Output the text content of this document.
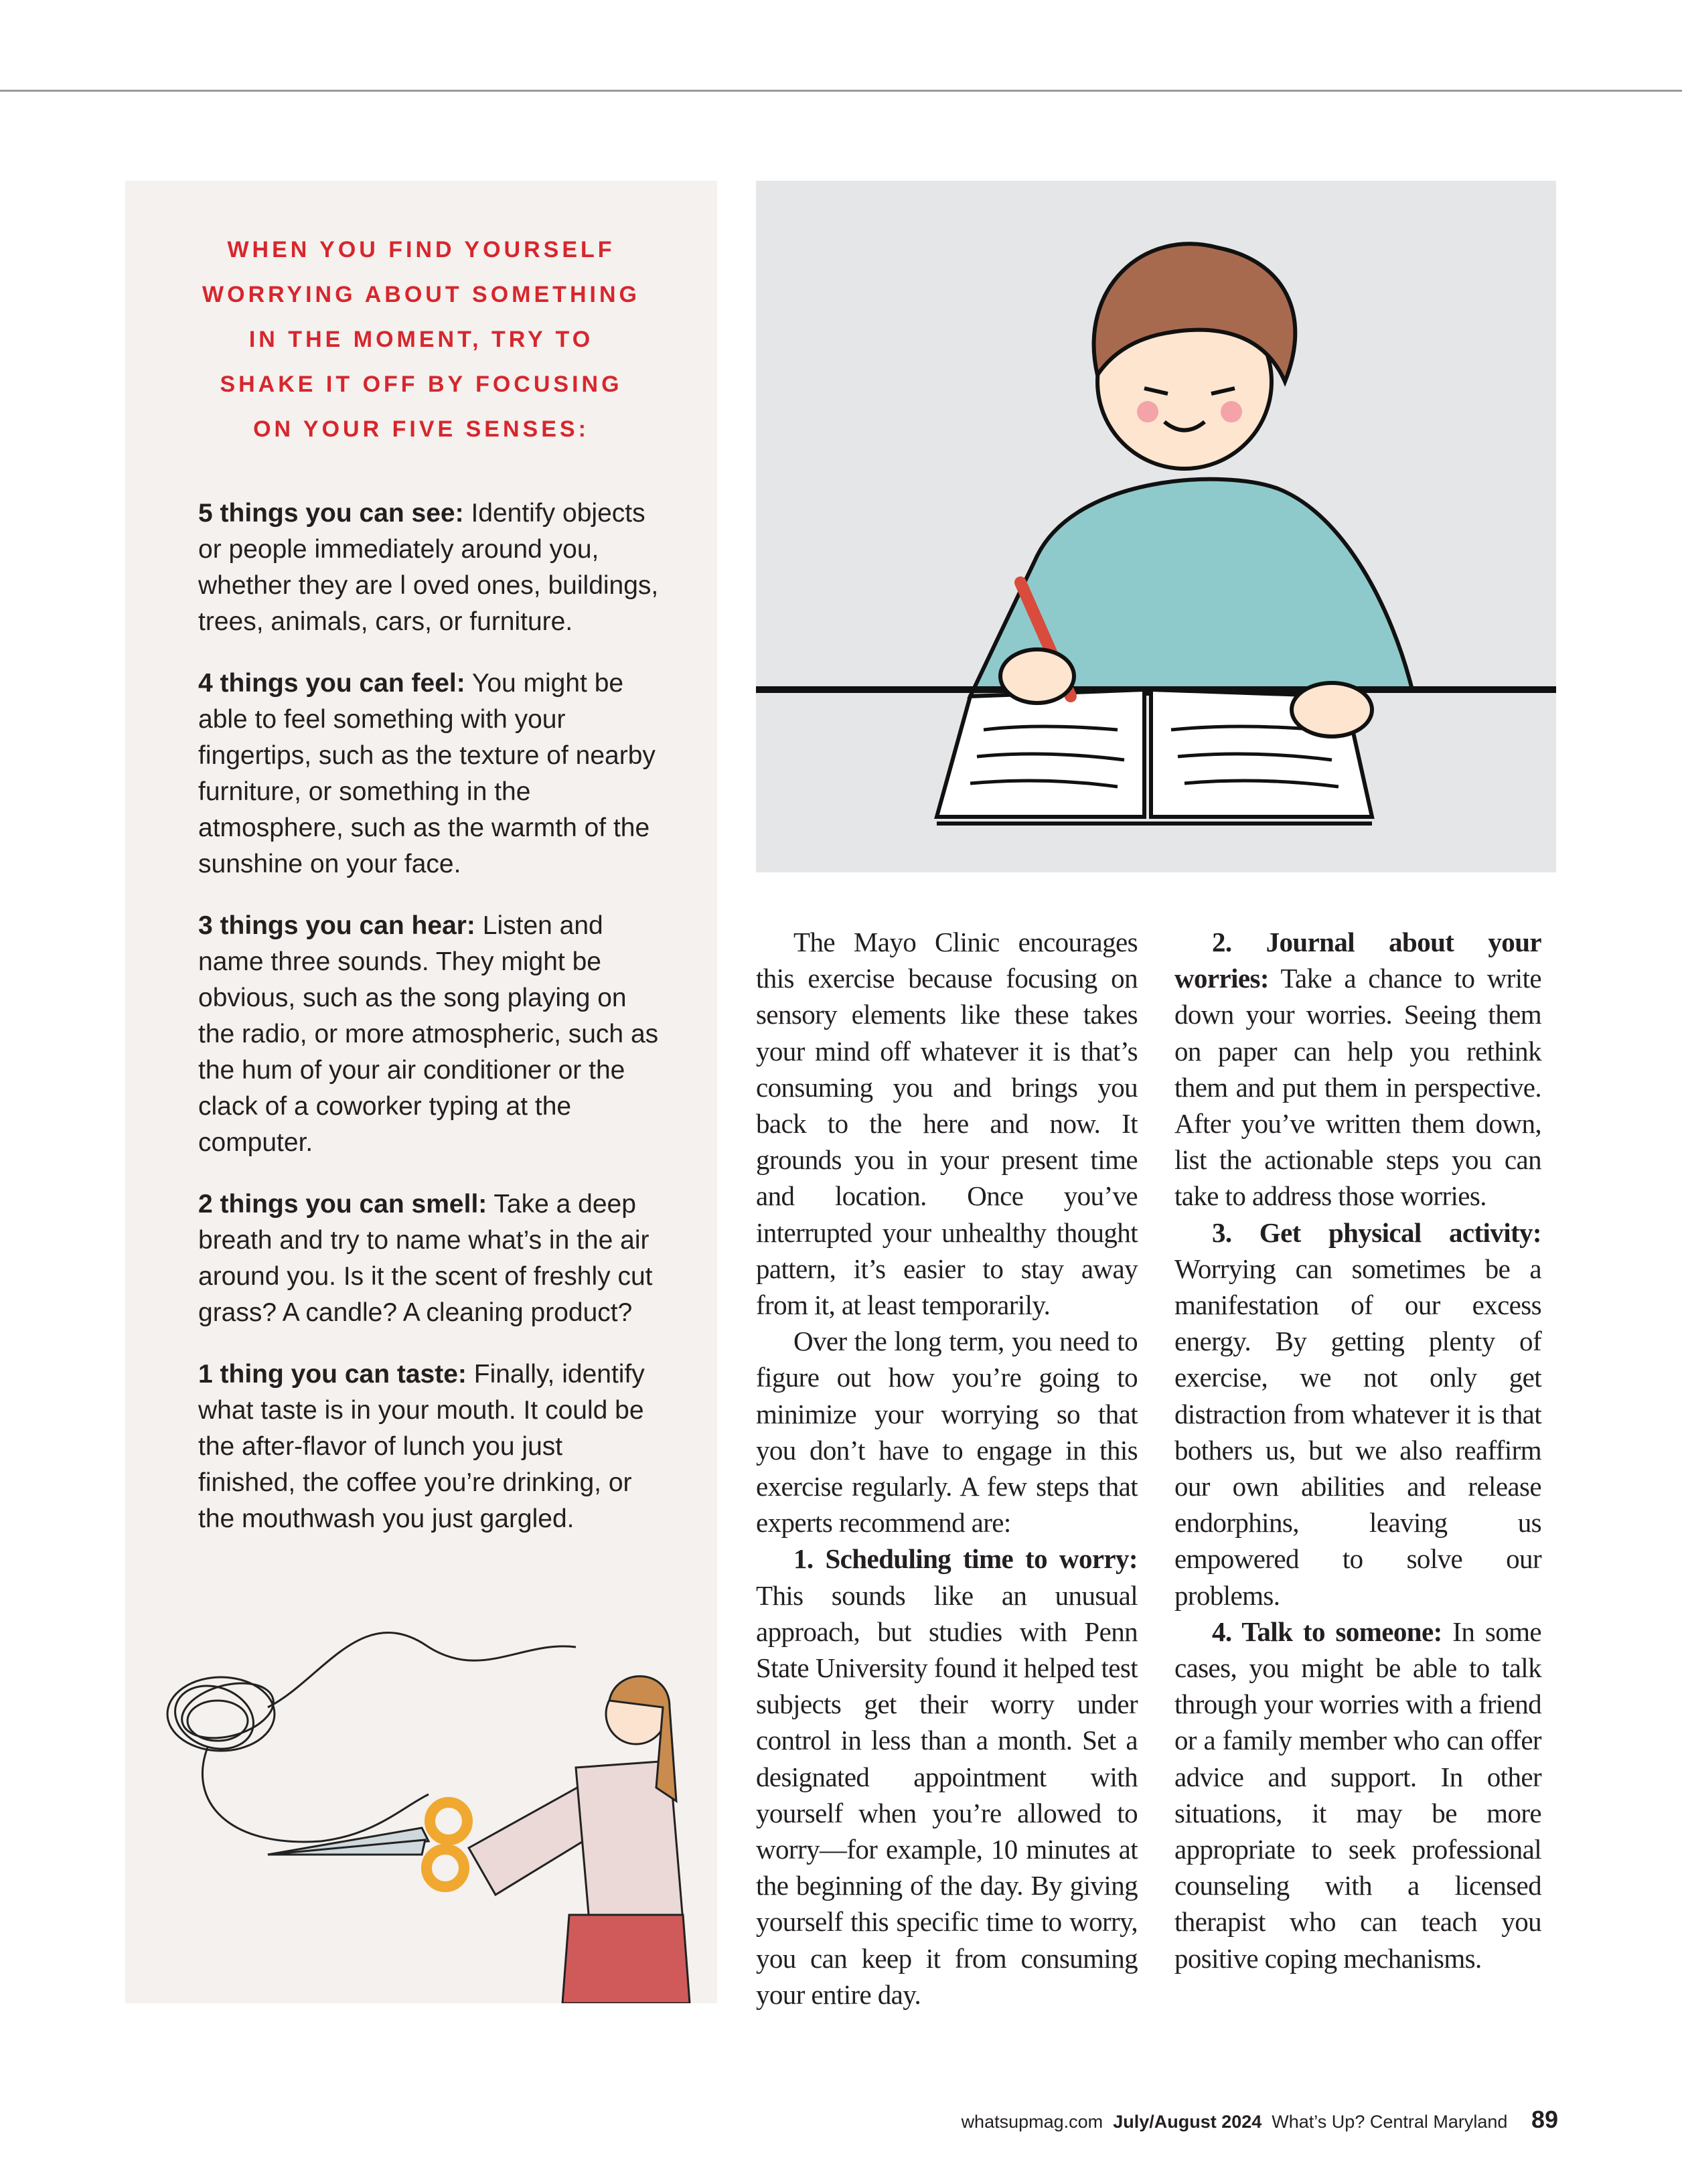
WHEN YOU FIND YOURSELF
WORRYING ABOUT SOMETHING
IN THE MOMENT, TRY TO
SHAKE IT OFF BY FOCUSING
ON YOUR FIVE SENSES:

5 things you can see: Identify objects or people immediately around you, whether they are l oved ones, buildings, trees, animals, cars, or furniture.

4 things you can feel: You might be able to feel something with your fingertips, such as the texture of nearby furniture, or something in the atmosphere, such as the warmth of the sunshine on your face.

3 things you can hear: Listen and name three sounds. They might be obvious, such as the song playing on the radio, or more atmospheric, such as the hum of your air conditioner or the clack of a coworker typing at the computer.

2 things you can smell: Take a deep breath and try to name what’s in the air around you. Is it the scent of freshly cut grass? A candle? A cleaning product?

1 thing you can taste: Finally, identify what taste is in your mouth. It could be the after-flavor of lunch you just finished, the coffee you’re drinking, or the mouthwash you just gargled.

The Mayo Clinic encourages this exercise because focusing on sensory elements like these takes your mind off whatever it is that’s consuming you and brings you back to the here and now. It grounds you in your present time and location. Once you’ve interrupted your unhealthy thought pattern, it’s easier to stay away from it, at least temporarily.

Over the long term, you need to figure out how you’re going to minimize your worrying so that you don’t have to engage in this exercise regularly. A few steps that experts recommend are:

1. Scheduling time to worry: This sounds like an unusual approach, but studies with Penn State University found it helped test subjects get their worry under control in less than a month. Set a designated appointment with yourself when you’re allowed to worry—for example, 10 minutes at the beginning of the day. By giving yourself this specific time to worry, you can keep it from consuming your entire day.

2. Journal about your worries: Take a chance to write down your worries. Seeing them on paper can help you rethink them and put them in perspective. After you’ve written them down, list the actionable steps you can take to address those worries.

3. Get physical activity: Worrying can sometimes be a manifestation of our excess energy. By getting plenty of exercise, we not only get distraction from whatever it is that bothers us, but we also reaffirm our own abilities and release endorphins, leaving us empowered to solve our problems.

4. Talk to someone: In some cases, you might be able to talk through your worries with a friend or a family member who can offer advice and support. In other situations, it may be more appropriate to seek professional counseling with a licensed therapist who can teach you positive coping mechanisms.

whatsupmag.com July/August 2024 What’s Up? Central Maryland 89
